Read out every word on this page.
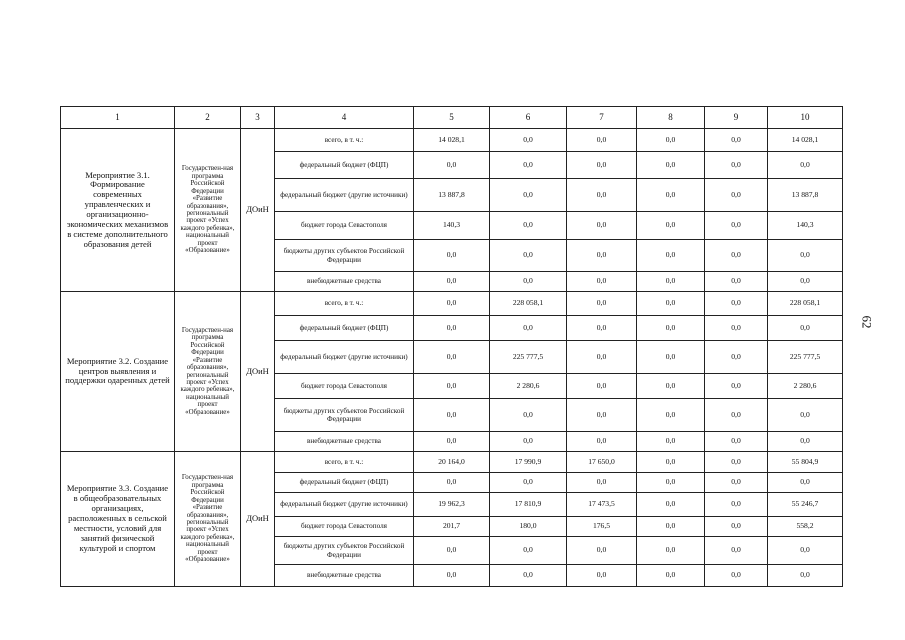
1	2	3	4	5	6	7	8	9	10
Мероприятие 3.1. Формирование современных управленческих и организационно-экономических механизмов в системе дополнительного образования детей	Государствен-ная программа Российской Федерации «Развитие образования», региональный проект «Успех каждого ребенка», национальный проект «Образование»	ДОиН	всего, в т. ч.:	14 028,1	0,0	0,0	0,0	0,0	14 028,1
			федеральный бюджет (ФЦП)	0,0	0,0	0,0	0,0	0,0	0,0
			федеральный бюджет (другие источники)	13 887,8	0,0	0,0	0,0	0,0	13 887,8
			бюджет города Севастополя	140,3	0,0	0,0	0,0	0,0	140,3
			бюджеты других субъектов Российской Федерации	0,0	0,0	0,0	0,0	0,0	0,0
			внебюджетные средства	0,0	0,0	0,0	0,0	0,0	0,0
Мероприятие 3.2. Создание центров выявления и поддержки одаренных детей	Государствен-ная программа Российской Федерации «Развитие образования», региональный проект «Успех каждого ребенка», национальный проект «Образование»	ДОиН	всего, в т. ч.:	0,0	228 058,1	0,0	0,0	0,0	228 058,1
			федеральный бюджет (ФЦП)	0,0	0,0	0,0	0,0	0,0	0,0
			федеральный бюджет (другие источники)	0,0	225 777,5	0,0	0,0	0,0	225 777,5
			бюджет города Севастополя	0,0	2 280,6	0,0	0,0	0,0	2 280,6
			бюджеты других субъектов Российской Федерации	0,0	0,0	0,0	0,0	0,0	0,0
			внебюджетные средства	0,0	0,0	0,0	0,0	0,0	0,0
Мероприятие 3.3. Создание в общеобразовательных организациях, расположенных в сельской местности, условий для занятий физической культурой и спортом	Государствен-ная программа Российской Федерации «Развитие образования», региональный проект «Успех каждого ребенка», национальный проект «Образование»	ДОиН	всего, в т. ч.:	20 164,0	17 990,9	17 650,0	0,0	0,0	55 804,9
			федеральный бюджет (ФЦП)	0,0	0,0	0,0	0,0	0,0	0,0
			федеральный бюджет (другие источники)	19 962,3	17 810,9	17 473,5	0,0	0,0	55 246,7
			бюджет города Севастополя	201,7	180,0	176,5	0,0	0,0	558,2
			бюджеты других субъектов Российской Федерации	0,0	0,0	0,0	0,0	0,0	0,0
			внебюджетные средства	0,0	0,0	0,0	0,0	0,0	0,0
62
